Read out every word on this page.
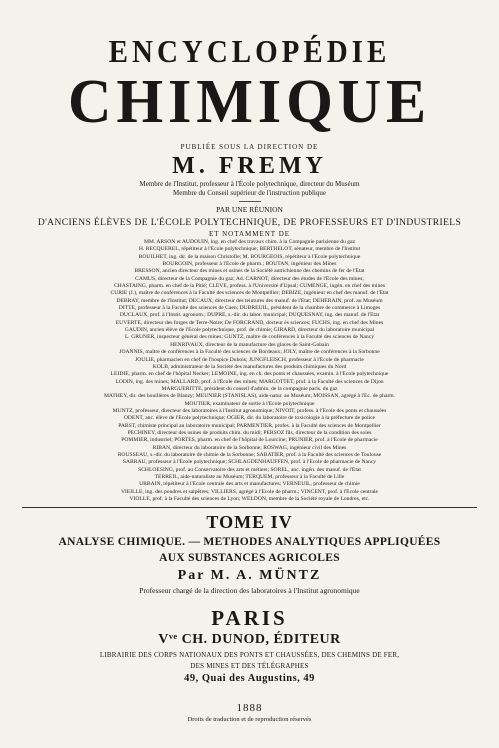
ENCYCLOPÉDIE
CHIMIQUE
PUBLIÉE SOUS LA DIRECTION DE
M. FREMY
Membre de l'Institut, professeur à l'École polytechnique, directeur du Muséum
Membre du Conseil supérieur de l'instruction publique
PAR UNE RÉUNION
D'ANCIENS ÉLÈVES DE L'ÉCOLE POLYTECHNIQUE, DE PROFESSEURS ET D'INDUSTRIELS
ET NOTAMMENT DE

MM. ARSON et AUDOUIN, ing. en chef des travaux chim. à la Compagnie parisienne du gaz

H. BECQUEREL, répétiteur à l'École polytechnique; BERTHELOT, sénateur, membre de l'Institut

BOUILHET, ing. dir. de la maison Christofle; M. BOURGEOIS, répétiteur à l'École polytechnique

BOURGOIN, professeur à l'École de pharm.; BOUTAN, ingénieur des Mines

BRESSON, ancien directeur des mines et usines de la Société autrichienne des chemins de fer de l'État

CAMUS, directeur de la Compagnie du gaz; Ad. CARNOT, directeur des études de l'École des mines;

CHASTAING, pharm. en chef de la Pitié; CLÈVE, profess. à l'Université d'Upsal; CUMENGE, ingén. en chef des mines

CURIE (J.), maître de conférences à la Faculté des sciences de Montpellier; DEBIZE, ingénieur en chef des manuf. de l'État

DEBRAY, membre de l'Institut; DECAUX, directeur des teintures des manuf. de l'État; DEHÉRAIN, prof. au Muséum

DITTE, professeur à la Faculté des sciences de Caen; DUBREUIL, président de la chambre de commerce à Limoges

DUCLAUX, prof. à l'Instit. agronom.; DUPRÉ, s.-dir. du labor. municipal; DUQUESNAY, ing. des manuf. de l'État

EUVERTE, directeur des forges de Terre-Noire; De FORCRAND, docteur ès sciences; FUCHS, ing. en chef des Mines

GAUDIN, ancien élève de l'École polytechnique, prof. de chimie; GIRARD, directeur du laboratoire municipal

L. GRUNER, inspecteur général des mines; GUNTZ, maître de conférences à la Faculté des sciences de Nancy

HENRIVAUX, directeur de la manufacture des glaces de Saint-Gobain

JOANNIS, maître de conférences à la Faculté des sciences de Bordeaux; JOLY, maître de conférences à la Sorbonne

JOULIE, pharmacien en chef de l'hospice Dubois; JUNGFLEISCH, professeur à l'École de pharmacie

KOLB, administrateur de la Société des manufactures des produits chimiques du Nord

LEIDIÉ, pharm. en chef de l'hôpital Necker; LEMOINE, ing. en ch. des ponts et chaussées, examin. à l'École polytechnique

LODIN, ing. des mines; MALLARD, prof. à l'École des mines; MARGOTTET, prof. à la Faculté des sciences de Dijon

MARGUERITTE, président du conseil d'admin. de la compagnie paris. du gaz

MATHEY, dir. des houillères de Blanzy; MEUNIER (STANISLAS), aide-natur. au Muséum; MOISSAN, agrégé à l'Éc. de pharm.

MOUTIER, examinateur de sortie à l'École polytechnique

MUNTZ, professeur, directeur des laboratoires à l'Institut agronomique; NIVOIT, profess. à l'École des ponts et chaussées

ODENT, anc. élève de l'École polytechnique; OGIER, dir. du laboratoire de toxicologie à la préfecture de police

PABST, chimiste principal au laboratoire municipal; PARMENTIER, profes. à la Faculté des sciences de Montpellier

PÉCHINEY, directeur des usines de produits chim. du midi; PERSOZ fils, directeur de la condition des soies

POMMIER, industriel; PORTES, pharm. en chef de l'hôpital de Lourcine; PRUNIER, prof. à l'École de pharmacie

RIBAN, directeur du laboratoire de la Sorbonne; ROSWAG, ingénieur civil des Mines

ROUSSEAU, s.-dir. du laboratoire de chimie de la Sorbonne; SABATIER, prof. à la Faculté des sciences de Toulouse

SARRAU, professeur à l'École polytechnique; SCHLAGDENHAUFFEN, prof. à l'École de pharmacie de Nancy

SCHLOESING, prof. au Conservatoire des arts et métiers; SOREL, anc. ingén. des manuf. de l'État

TERREIL, aide-naturaliste au Muséum; TERQUEM, professeur à la Faculté de Lille

URBAIN, répétiteur à l'École centrale des arts et manufactures; VERNEUIL, professeur de chimie

VIEILLE, ing. des poudres et salpêtres; VILLIERS, agrégé à l'École de pharm.; VINCENT, prof. à l'École centrale

VIOLLE, prof. à la Faculté des sciences de Lyon; WELDON, membre de la Société royale de Londres, etc.

TOME IV
ANALYSE CHIMIQUE. — METHODES ANALYTIQUES APPLIQUÉES
AUX SUBSTANCES AGRICOLES
Par M. A. MÜNTZ
Professeur chargé de la direction des laboratoires à l'Institut agronomique
PARIS
Vᵛᵉ CH. DUNOD, ÉDITEUR
LIBRAIRIE DES CORPS NATIONAUX DES PONTS ET CHAUSSÉES, DES CHEMINS DE FER,
DES MINES ET DES TÉLÉGRAPHES
49, Quai des Augustins, 49
1888
Droits de traduction et de reproduction réservés
